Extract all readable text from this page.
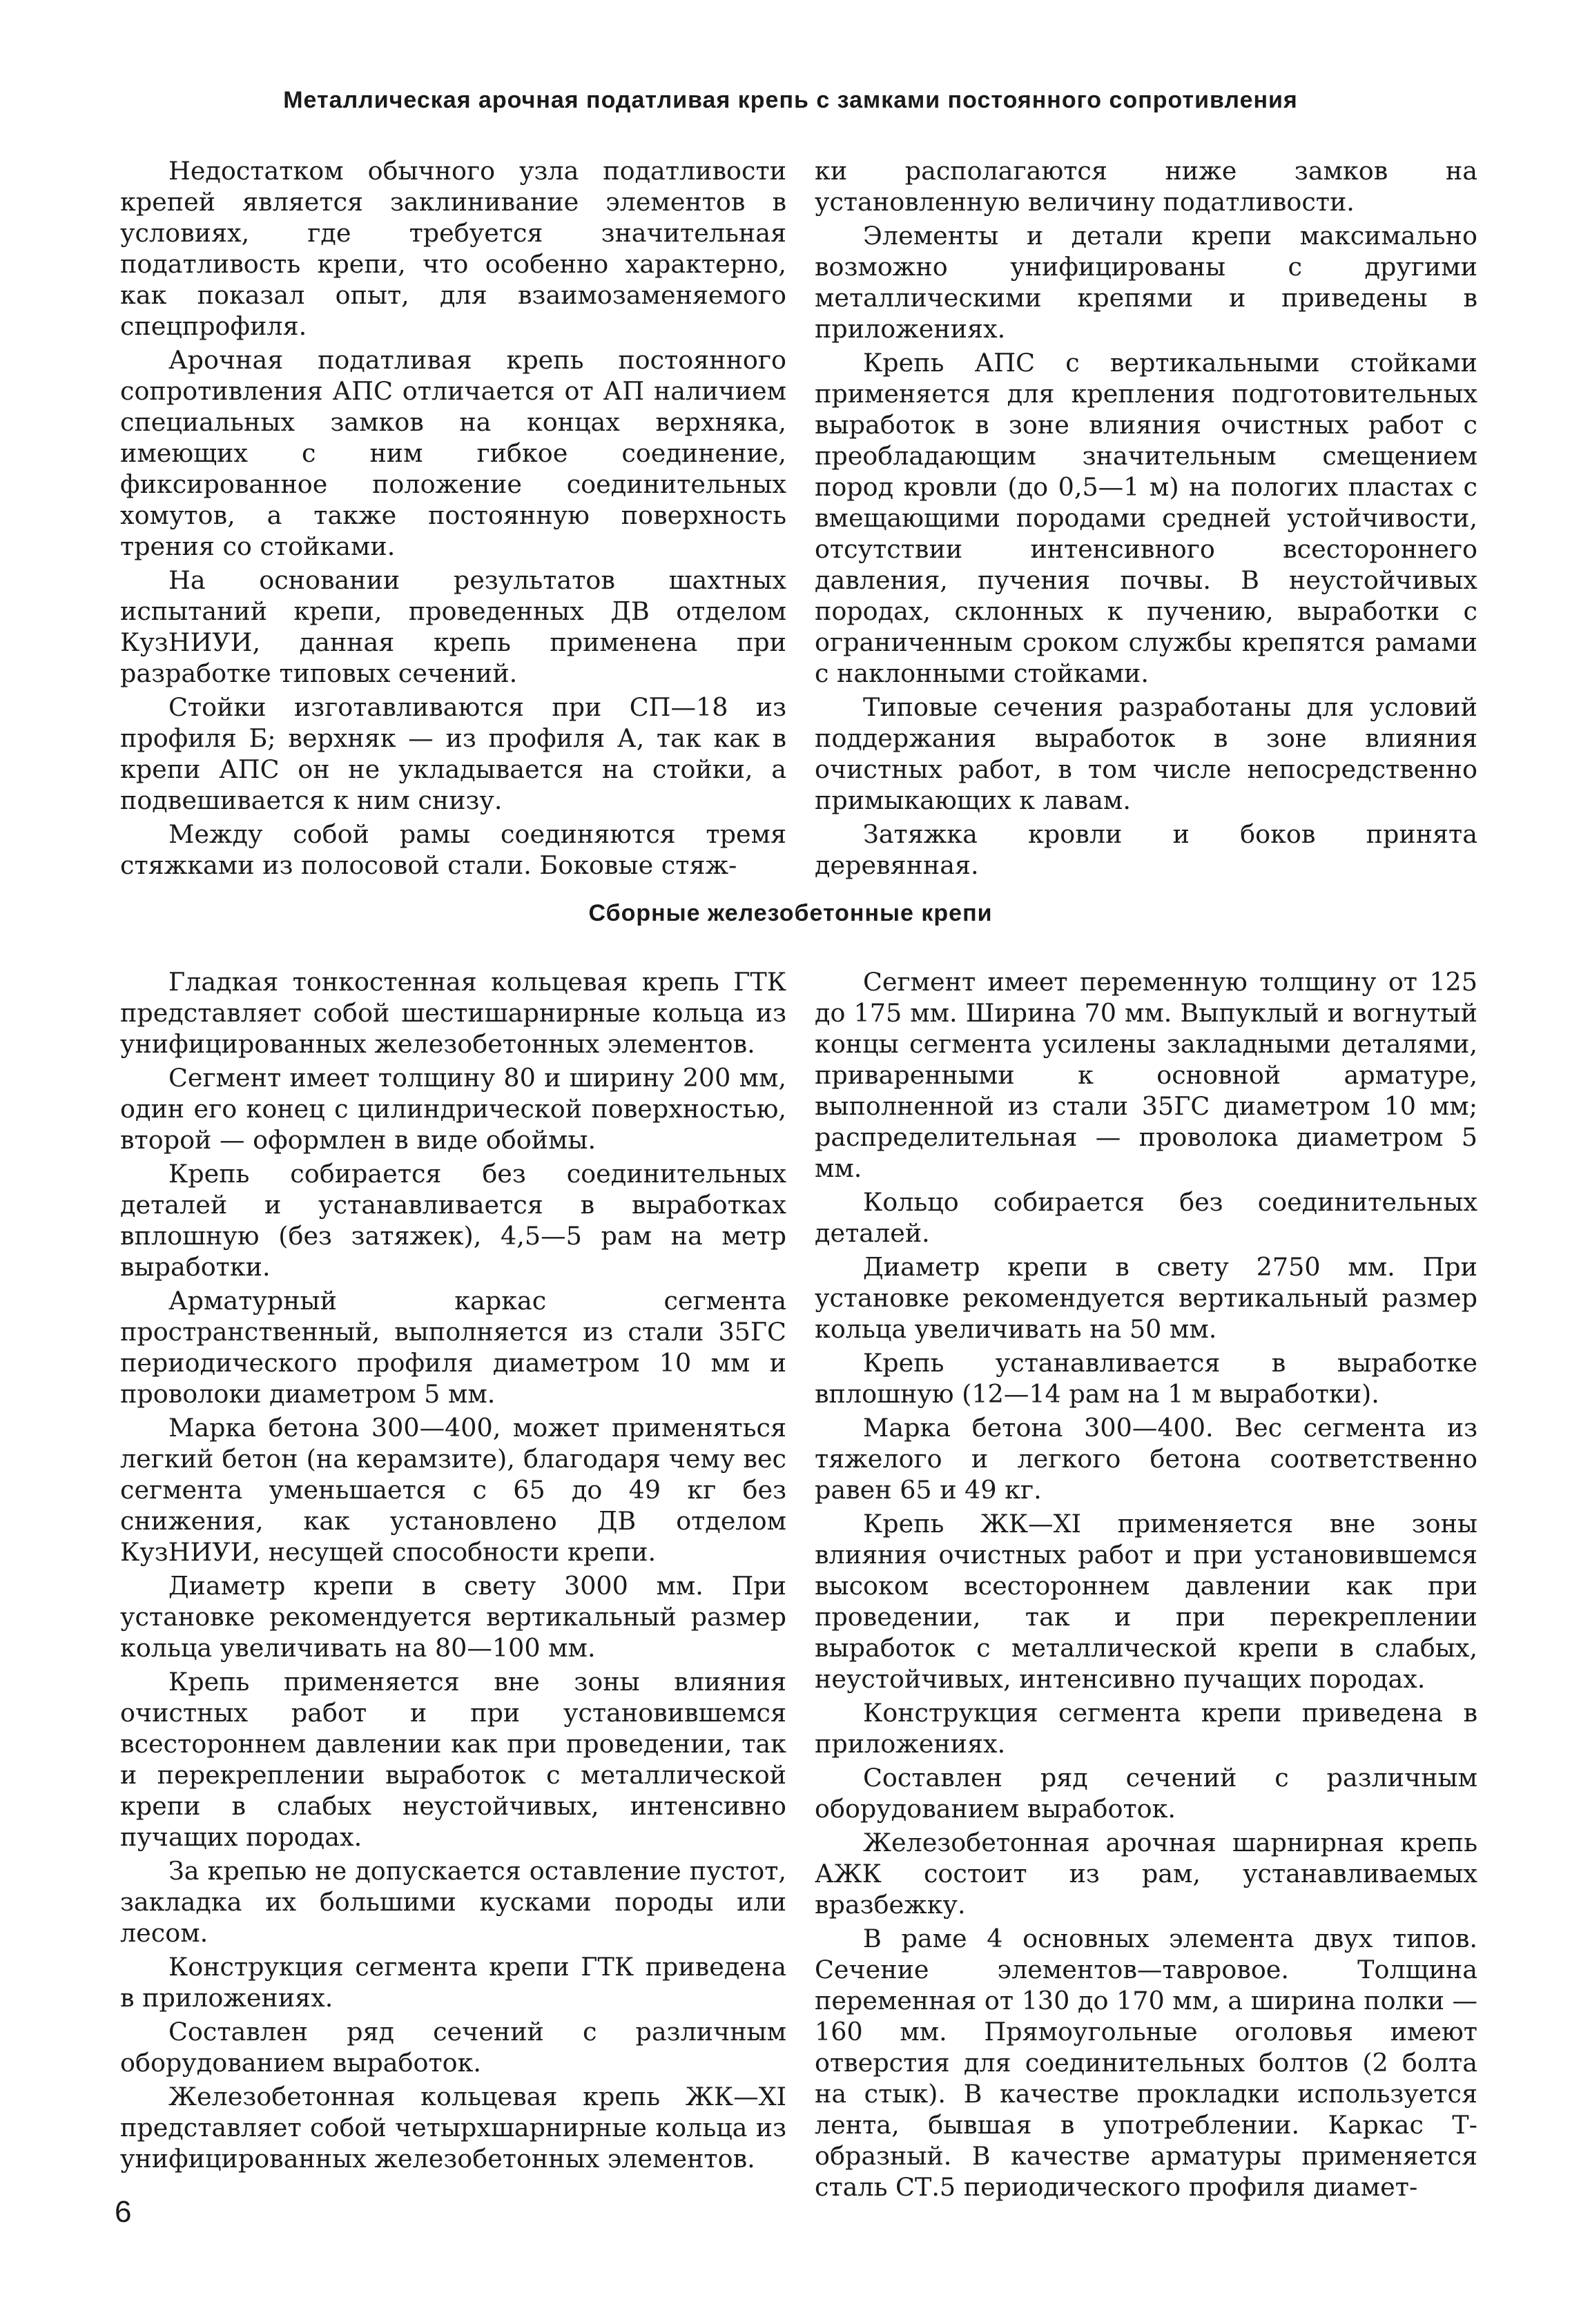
Металлическая арочная податливая крепь с замками постоянного сопротивления

Недостатком обычного узла податливости крепей является заклинивание элементов в условиях, где требуется значительная податливость крепи, что особенно характерно, как показал опыт, для взаимозаменяемого спецпрофиля.

Арочная податливая крепь постоянного сопротивления АПС отличается от АП наличием специальных замков на концах верхняка, имеющих с ним гибкое соединение, фиксированное положение соединительных хомутов, а также постоянную поверхность трения со стойками.

На основании результатов шахтных испытаний крепи, проведенных ДВ отделом КузНИУИ, данная крепь применена при разработке типовых сечений.

Стойки изготавливаются при СП—18 из профиля Б; верхняк — из профиля А, так как в крепи АПС он не укладывается на стойки, а подвешивается к ним снизу.

Между собой рамы соединяются тремя стяжками из полосовой стали. Боковые стяж-

ки располагаются ниже замков на установленную величину податливости.

Элементы и детали крепи максимально возможно унифицированы с другими металлическими крепями и приведены в приложениях.

Крепь АПС с вертикальными стойками применяется для крепления подготовительных выработок в зоне влияния очистных работ с преобладающим значительным смещением пород кровли (до 0,5—1 м) на пологих пластах с вмещающими породами средней устойчивости, отсутствии интенсивного всестороннего давления, пучения почвы. В неустойчивых породах, склонных к пучению, выработки с ограниченным сроком службы крепятся рамами с наклонными стойками.

Типовые сечения разработаны для условий поддержания выработок в зоне влияния очистных работ, в том числе непосредственно примыкающих к лавам.

Затяжка кровли и боков принята деревянная.

Сборные железобетонные крепи

Гладкая тонкостенная кольцевая крепь ГТК представляет собой шестишарнирные кольца из унифицированных железобетонных элементов.

Сегмент имеет толщину 80 и ширину 200 мм, один его конец с цилиндрической поверхностью, второй — оформлен в виде обоймы.

Крепь собирается без соединительных деталей и устанавливается в выработках вплошную (без затяжек), 4,5—5 рам на метр выработки.

Арматурный каркас сегмента пространственный, выполняется из стали 35ГС периодического профиля диаметром 10 мм и проволоки диаметром 5 мм.

Марка бетона 300—400, может применяться легкий бетон (на керамзите), благодаря чему вес сегмента уменьшается с 65 до 49 кг без снижения, как установлено ДВ отделом КузНИУИ, несущей способности крепи.

Диаметр крепи в свету 3000 мм. При установке рекомендуется вертикальный размер кольца увеличивать на 80—100 мм.

Крепь применяется вне зоны влияния очистных работ и при установившемся всестороннем давлении как при проведении, так и перекреплении выработок с металлической крепи в слабых неустойчивых, интенсивно пучащих породах.

За крепью не допускается оставление пустот, закладка их большими кусками породы или лесом.

Конструкция сегмента крепи ГТК приведена в приложениях.

Составлен ряд сечений с различным оборудованием выработок.

Железобетонная кольцевая крепь ЖК—XI представляет собой четырхшарнирные кольца из унифицированных железобетонных элементов.

Сегмент имеет переменную толщину от 125 до 175 мм. Ширина 70 мм. Выпуклый и вогнутый концы сегмента усилены закладными деталями, приваренными к основной арматуре, выполненной из стали 35ГС диаметром 10 мм; распределительная — проволока диаметром 5 мм.

Кольцо собирается без соединительных деталей.

Диаметр крепи в свету 2750 мм. При установке рекомендуется вертикальный размер кольца увеличивать на 50 мм.

Крепь устанавливается в выработке вплошную (12—14 рам на 1 м выработки).

Марка бетона 300—400. Вес сегмента из тяжелого и легкого бетона соответственно равен 65 и 49 кг.

Крепь ЖК—XI применяется вне зоны влияния очистных работ и при установившемся высоком всестороннем давлении как при проведении, так и при перекреплении выработок с металлической крепи в слабых, неустойчивых, интенсивно пучащих породах.

Конструкция сегмента крепи приведена в приложениях.

Составлен ряд сечений с различным оборудованием выработок.

Железобетонная арочная шарнирная крепь АЖК состоит из рам, устанавливаемых вразбежку.

В раме 4 основных элемента двух типов. Сечение элементов—тавровое. Толщина переменная от 130 до 170 мм, а ширина полки — 160 мм. Прямоугольные оголовья имеют отверстия для соединительных болтов (2 болта на стык). В качестве прокладки используется лента, бывшая в употреблении. Каркас Т-образный. В качестве арматуры применяется сталь СТ.5 периодического профиля диамет-

6
